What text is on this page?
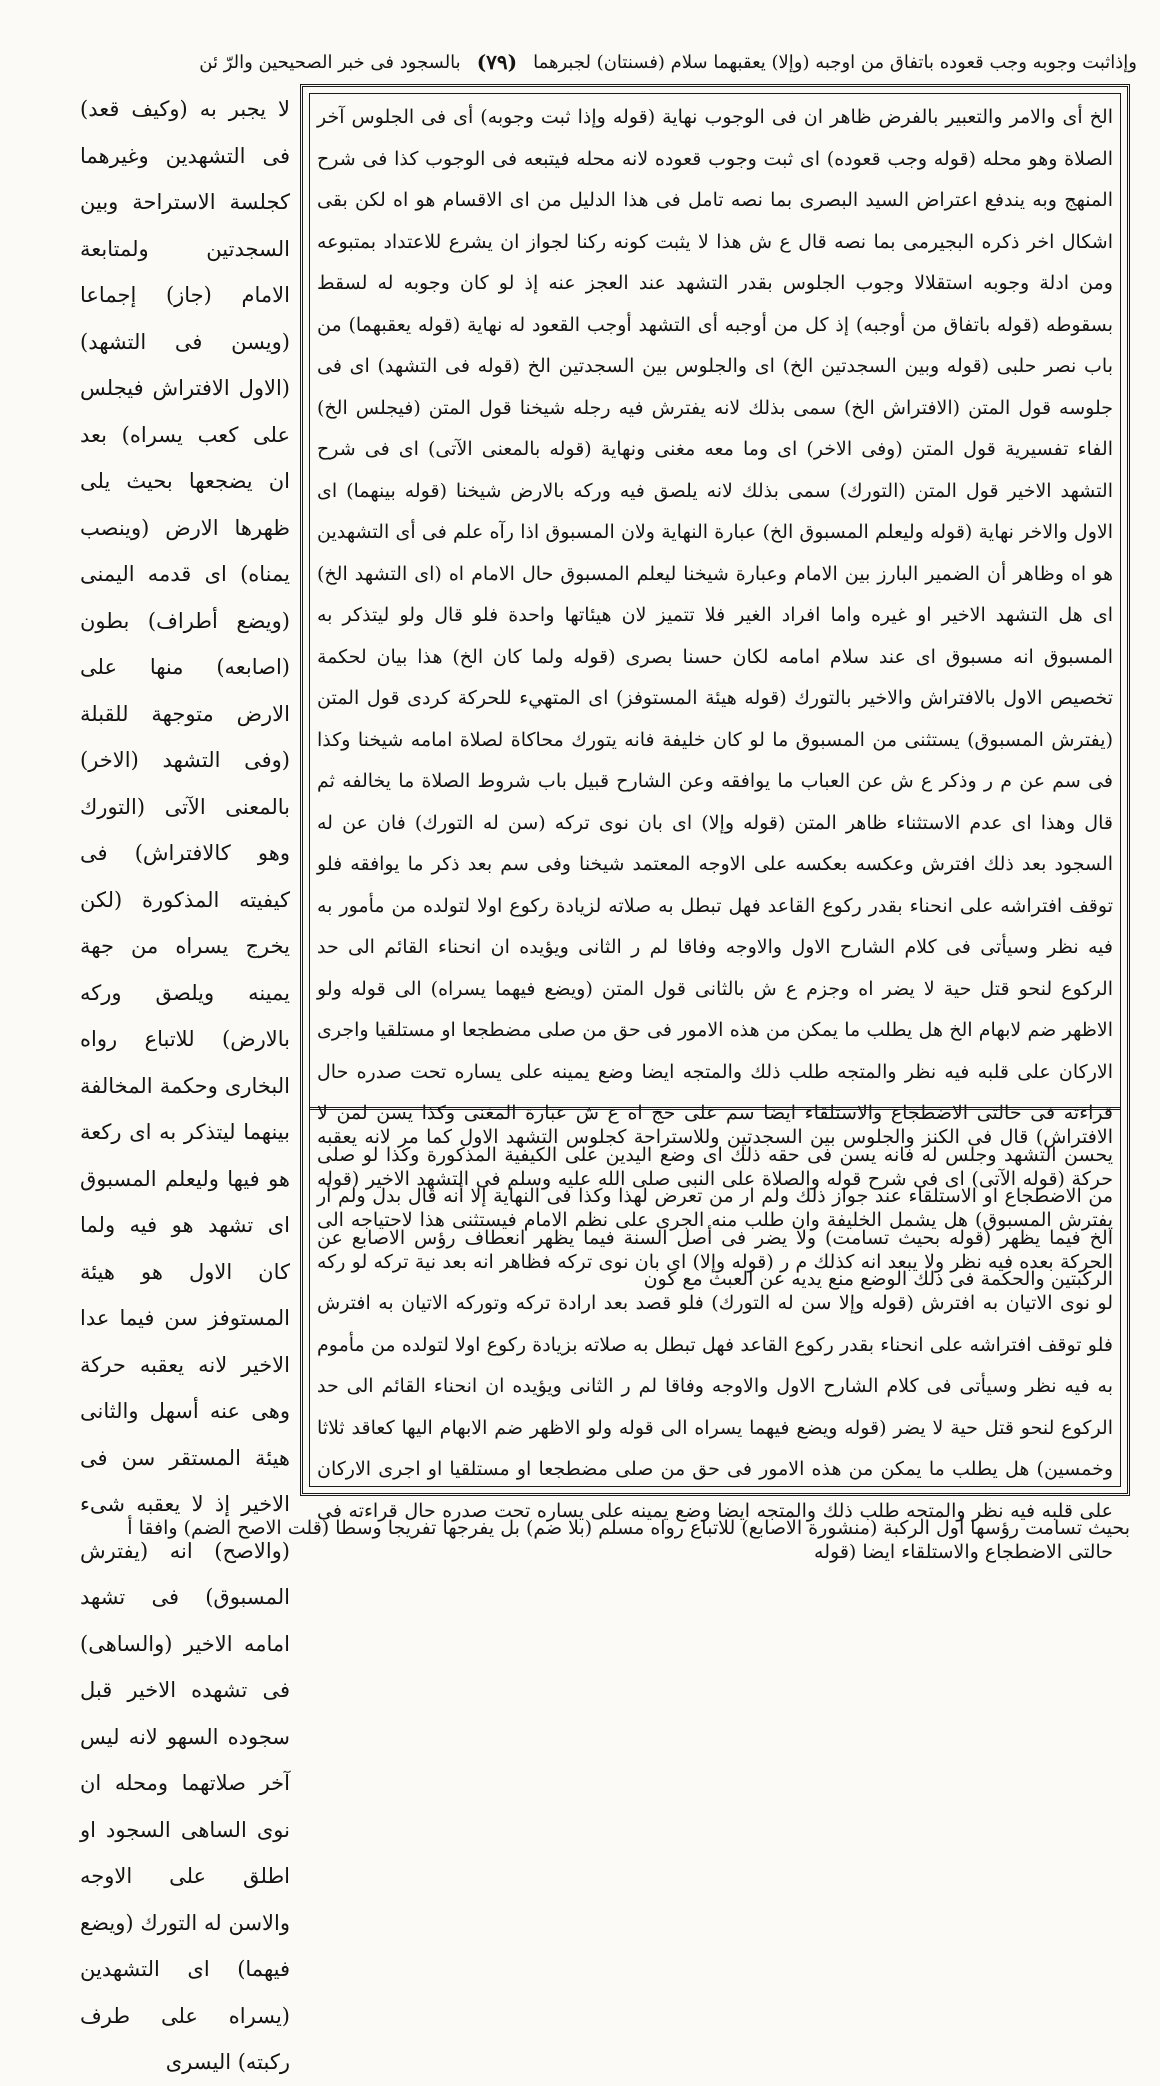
وإذاثبت وجوبه وجب قعوده باتفاق من اوجبه (وإلا) يعقبهما سلام (فسنتان) لجبرهما
(٧٩)
بالسجود فى خبر الصحيحين والرّ ئن

لا يجبر به (وكيف قعد) فى التشهدين وغيرهما كجلسة الاستراحة وبين السجدتين ولمتابعة الامام (جاز) إجماعا (ويسن فى التشهد) (الاول الافتراش فيجلس على كعب يسراه) بعد ان يضجعها بحيث يلى ظهرها الارض (وينصب يمناه) اى قدمه اليمنى (ويضع أطراف) بطون (اصابعه) منها على الارض متوجهة للقبلة (وفى التشهد (الاخر) بالمعنى الآتى (التورك وهو كالافتراش) فى كيفيته المذكورة (لكن يخرج يسراه من جهة يمينه ويلصق وركه بالارض) للاتباع رواه البخارى وحكمة المخالفة بينهما ليتذكر به اى ركعة هو فيها وليعلم المسبوق اى تشهد هو فيه ولما كان الاول هو هيئة المستوفز سن فيما عدا الاخير لانه يعقبه حركة وهى عنه أسهل والثانى هيئة المستقر سن فى الاخير إذ لا يعقبه شىء (والاصح) انه (يفترش المسبوق) فى تشهد امامه الاخير (والساهى) فى تشهده الاخير قبل سجوده السهو لانه ليس آخر صلاتهما ومحله ان نوى الساهى السجود او اطلق على الاوجه والاسن له التورك (ويضع فيهما) اى التشهدين (يسراه على طرف ركبته) اليسرى

الخ أى والامر والتعبير بالفرض ظاهر ان فى الوجوب نهاية (قوله وإذا ثبت وجوبه) أى فى الجلوس آخر الصلاة وهو محله (قوله وجب قعوده) اى ثبت وجوب قعوده لانه محله فيتبعه فى الوجوب كذا فى شرح المنهج وبه يندفع اعتراض السيد البصرى بما نصه تامل فى هذا الدليل من اى الاقسام هو اه لكن بقى اشكال اخر ذكره البجيرمى بما نصه قال ع ش هذا لا يثبت كونه ركنا لجواز ان يشرع للاعتداد بمتبوعه ومن ادلة وجوبه استقلالا وجوب الجلوس بقدر التشهد عند العجز عنه إذ لو كان وجوبه له لسقط بسقوطه (قوله باتفاق من أوجبه) إذ كل من أوجبه أى التشهد أوجب القعود له نهاية (قوله يعقبهما) من باب نصر حلبى (قوله وبين السجدتين الخ) اى والجلوس بين السجدتين الخ (قوله فى التشهد) اى فى جلوسه قول المتن (الافتراش الخ) سمى بذلك لانه يفترش فيه رجله شيخنا قول المتن (فيجلس الخ) الفاء تفسيرية قول المتن (وفى الاخر) اى وما معه مغنى ونهاية (قوله بالمعنى الآتى) اى فى شرح التشهد الاخير قول المتن (التورك) سمى بذلك لانه يلصق فيه وركه بالارض شيخنا (قوله بينهما) اى الاول والاخر نهاية (قوله وليعلم المسبوق الخ) عبارة النهاية ولان المسبوق اذا رآه علم فى أى التشهدين هو اه وظاهر أن الضمير البارز بين الامام وعبارة شيخنا ليعلم المسبوق حال الامام اه (اى التشهد الخ) اى هل التشهد الاخير او غيره واما افراد الغير فلا تتميز لان هيئاتها واحدة فلو قال ولو ليتذكر به المسبوق انه مسبوق اى عند سلام امامه لكان حسنا بصرى (قوله ولما كان الخ) هذا بيان لحكمة تخصيص الاول بالافتراش والاخير بالتورك (قوله هيئة المستوفز) اى المتهيء للحركة كردى قول المتن (يفترش المسبوق) يستثنى من المسبوق ما لو كان خليفة فانه يتورك محاكاة لصلاة امامه شيخنا وكذا فى سم عن م ر وذكر ع ش عن العباب ما يوافقه وعن الشارح قبيل باب شروط الصلاة ما يخالفه ثم قال وهذا اى عدم الاستثناء ظاهر المتن (قوله وإلا) اى بان نوى تركه (سن له التورك) فان عن له السجود بعد ذلك افترش وعكسه بعكسه على الاوجه المعتمد شيخنا وفى سم بعد ذكر ما يوافقه فلو توقف افتراشه على انحناء بقدر ركوع القاعد فهل تبطل به صلاته لزيادة ركوع اولا لتولده من مأمور به فيه نظر وسيأتى فى كلام الشارح الاول والاوجه وفاقا لم ر الثانى ويؤيده ان انحناء القائم الى حد الركوع لنحو قتل حية لا يضر اه وجزم ع ش بالثانى قول المتن (ويضع فيهما يسراه) الى قوله ولو الاظهر ضم لابهام الخ هل يطلب ما يمكن من هذه الامور فى حق من صلى مضطجعا او مستلقيا واجرى الاركان على قلبه فيه نظر والمتجه طلب ذلك والمتجه ايضا وضع يمينه على يساره تحت صدره حال قراءته فى حالتى الاضطجاع والاستلقاء ايضا سم على حج اه ع ش عبارة المغنى وكذا يسن لمن لا يحسن التشهد وجلس له فانه يسن فى حقه ذلك اى وضع اليدين على الكيفية المذكورة وكذا لو صلى من الاضطجاع او الاستلقاء عند جواز ذلك ولم ار من تعرض لهذا وكذا فى النهاية إلا أنه قال بدل ولم أر الخ فيما يظهر (قوله بحيث تسامت) ولا يضر فى أصل السنة فيما يظهر انعطاف رؤس الاصابع عن الركبتين والحكمة فى ذلك الوضع منع يديه عن العبث مع كون

الافتراش) قال فى الكنز والجلوس بين السجدتين وللاستراحة كجلوس التشهد الاول كما مر لانه يعقبه حركة (قوله الآتى) اى فى شرح قوله والصلاة على النبى صلى الله عليه وسلم فى التشهد الاخير (قوله يفترش المسبوق) هل يشمل الخليفة وان طلب منه الجرى على نظم الامام فيستثنى هذا لاحتياجه الى الحركة بعده فيه نظر ولا يبعد انه كذلك م ر (قوله وإلا) اى بان نوى تركه فظاهر انه بعد نية تركه لو ركه لو نوى الاتيان به افترش (قوله وإلا سن له التورك) فلو قصد بعد ارادة تركه وتوركه الاتيان به افترش فلو توقف افتراشه على انحناء بقدر ركوع القاعد فهل تبطل به صلاته بزيادة ركوع اولا لتولده من مأموم به فيه نظر وسيأتى فى كلام الشارح الاول والاوجه وفاقا لم ر الثانى ويؤيده ان انحناء القائم الى حد الركوع لنحو قتل حية لا يضر (قوله ويضع فيهما يسراه الى قوله ولو الاظهر ضم الابهام اليها كعاقد ثلاثا وخمسين) هل يطلب ما يمكن من هذه الامور فى حق من صلى مضطجعا او مستلقيا او اجرى الاركان على قلبه فيه نظر والمتجه طلب ذلك والمتجه ايضا وضع يمينه على يساره تحت صدره حال قراءته فى حالتى الاضطجاع والاستلقاء ايضا (قوله

بحيث تسامت رؤسها أول الركبة (منشورة الاصابع) للاتباع رواه مسلم (بلا ضم) بل يفرجها تفريجا وسطا (قلت الاصح الضم) وافقا أ
